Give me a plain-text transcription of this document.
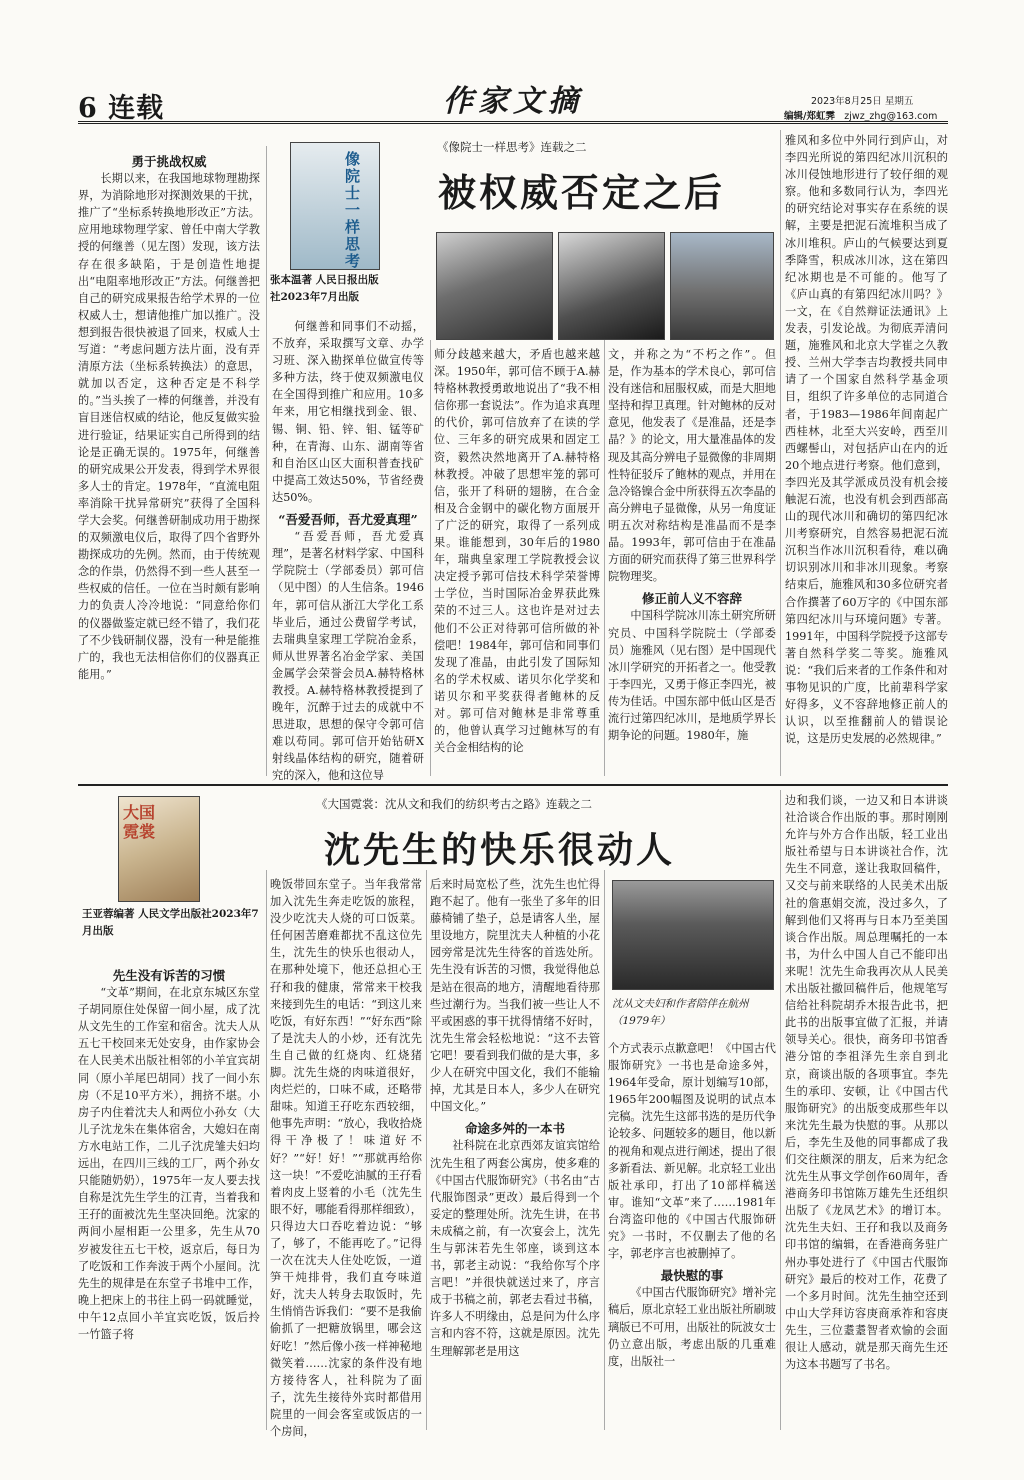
6 连载	作家文摘	2023年8月25日 星期五
编辑/郑虹霁 zjwz_zhg@163.com
像院士一样思考
张本温著 人民日报出版社2023年7月出版
《像院士一样思考》连载之二
被权威否定之后

勇于挑战权威

长期以来，在我国地球物理勘探界，为消除地形对探测效果的干扰，推广了“坐标系转换地形改正”方法。应用地球物理学家、曾任中南大学教授的何继善（见左图）发现，该方法存在很多缺陷，于是创造性地提出“电阻率地形改正”方法。何继善把自己的研究成果报告给学术界的一位权威人士，想请他推广加以推广。没想到报告很快被退了回来，权威人士写道：“考虑问题方法片面，没有弄清原方法（坐标系转换法）的意思，就加以否定，这种否定是不科学的。”当头挨了一棒的何继善，并没有盲目迷信权威的结论，他反复做实验进行验证，结果证实自己所得到的结论是正确无误的。1975年，何继善的研究成果公开发表，得到学术界很多人士的肯定。1978年，“直流电阻率消除干扰异常研究”获得了全国科学大会奖。何继善研制成功用于勘探的双频激电仪后，取得了四个省野外勘探成功的先例。然而，由于传统观念的作祟，仍然得不到一些人甚至一些权威的信任。一位在当时颇有影响力的负责人冷冷地说：“同意给你们的仪器做鉴定就已经不错了，我们花了不少钱研制仪器，没有一种是能推广的，我也无法相信你们的仪器真正能用。”

何继善和同事们不动摇，不放弃，采取撰写文章、办学习班、深入勘探单位做宣传等多种方法，终于使双频激电仪在全国得到推广和应用。10多年来，用它相继找到金、银、锡、铜、铅、锌、钼、锰等矿种，在青海、山东、湖南等省和自治区山区大面积普查找矿中提高工效达50%，节省经费达50%。

“吾爱吾师，吾尤爱真理”

“吾爱吾师，吾尤爱真理”，是著名材料学家、中国科学院院士（学部委员）郭可信（见中图）的人生信条。1946年，郭可信从浙江大学化工系毕业后，通过公费留学考试，去瑞典皇家理工学院冶金系，师从世界著名冶金学家、美国金属学会荣誉会员A.赫特格林教授。A.赫特格林教授提到了晚年，沉醉于过去的成就中不思进取，思想的保守令郭可信难以苟同。郭可信开始钻研X射线晶体结构的研究，随着研究的深入，他和这位导

师分歧越来越大，矛盾也越来越深。1950年，郭可信不顾于A.赫特格林教授勇敢地说出了“我不相信你那一套说法”。作为追求真理的代价，郭可信放弃了在读的学位、三年多的研究成果和固定工资，毅然决然地离开了A.赫特格林教授。冲破了思想牢笼的郭可信，张开了科研的翅膀，在合金相及合金钢中的碳化物方面展开了广泛的研究，取得了一系列成果。谁能想到，30年后的1980年，瑞典皇家理工学院教授会议决定授予郭可信技术科学荣誉博士学位，当时国际冶金界获此殊荣的不过三人。这也许是对过去他们不公正对待郭可信所做的补偿吧！1984年，郭可信和同事们发现了准晶，由此引发了国际知名的学术权威、诺贝尔化学奖和诺贝尔和平奖获得者鲍林的反对。郭可信对鲍林是非常尊重的，他曾认真学习过鲍林写的有关合金相结构的论

文，并称之为“不朽之作”。但是，作为基本的学术良心，郭可信没有迷信和屈服权威，而是大胆地坚持和捍卫真理。针对鲍林的反对意见，他发表了《是准晶，还是李晶？》的论文，用大量准晶体的发现及其高分辨电子显微像的非周期性特征驳斥了鲍林的观点，并用在急冷铬镍合金中所获得五次李晶的高分辨电子显微像，从另一角度证明五次对称结构是准晶而不是李晶。1993年，郭可信由于在准晶方面的研究而获得了第三世界科学院物理奖。

修正前人义不容辞

中国科学院冰川冻土研究所研究员、中国科学院院士（学部委员）施雅风（见右图）是中国现代冰川学研究的开拓者之一。他受教于李四光，又勇于修正李四光，被传为佳话。中国东部中低山区是否流行过第四纪冰川，是地质学界长期争论的问题。1980年，施

雅风和多位中外同行到庐山，对李四光所说的第四纪冰川沉积的冰川侵蚀地形进行了较仔细的观察。他和多数同行认为，李四光的研究结论对事实存在系统的误解，主要是把泥石流堆积当成了冰川堆积。庐山的气候要达到夏季降雪，积成冰川冰，这在第四纪冰期也是不可能的。他写了《庐山真的有第四纪冰川吗？》一文，在《自然辩证法通讯》上发表，引发论战。为彻底弄清问题，施雅风和北京大学崔之久教授、兰州大学李吉均教授共同申请了一个国家自然科学基金项目，组织了许多单位的志同道合者，于1983—1986年间南起广西桂林，北至大兴安岭，西至川西螺髻山，对包括庐山在内的近20个地点进行考察。他们意到，李四光及其学派成员没有机会接触泥石流，也没有机会到西部高山的现代冰川和确切的第四纪冰川考察研究，自然容易把泥石流沉积当作冰川沉积看待，难以确切识别冰川和非冰川现象。考察结束后，施雅风和30多位研究者合作撰著了60万字的《中国东部第四纪冰川与环境问题》专著。1991年，中国科学院授予这部专著自然科学奖二等奖。施雅风说：“我们后来者的工作条件和对事物见识的广度，比前辈科学家好得多，义不容辞地修正前人的认识，以至推翻前人的错误论说，这是历史发展的必然规律。”

大国霓裳
王亚蓉编著 人民文学出版社2023年7月出版
《大国霓裳：沈从文和我们的纺织考古之路》连载之二
沈先生的快乐很动人
沈从文夫妇和作者陪伴在航州（1979年）

先生没有诉苦的习惯

“文革”期间，在北京东城区东堂子胡同原住处保留一间小屋，成了沈从文先生的工作室和宿舍。沈夫人从五七干校回来无处安身，由作家协会在人民美术出版社相邻的小羊宜宾胡同（原小羊尾巴胡同）找了一间小东房（不足10平方米），拥挤不堪。小房子内住着沈夫人和两位小孙女（大儿子沈龙朱在集体宿舍，大媳妇在南方水电站工作，二儿子沈虎雏夫妇均远出，在四川三线的工厂，两个孙女只能随奶奶），1975年一友人要去找自称是沈先生学生的江青，当着我和王孖的面被沈先生坚决回绝。沈家的两间小屋相距一公里多，先生从70岁被发往五七干校，返京后，每日为了吃饭和工作奔波于两个小屋间。沈先生的规律是在东堂子书堆中工作，晚上把床上的书往上码一码就睡觉，中午12点回小羊宜宾吃饭，饭后拎一竹篮子将

晚饭带回东堂子。当年我常常加入沈先生奔走吃饭的旅程，没少吃沈夫人烧的可口饭菜。任何困苦磨难都扰不乱这位先生，沈先生的快乐也很动人，在那种处境下，他还总担心王孖和我的健康，常常来干校我来接到先生的电话：“到这儿来吃饭，有好东西！”“好东西”除了是沈夫人的小炒，还有沈先生自己做的红烧肉、红烧猪脚。沈先生烧的肉味道很好，肉烂烂的，口味不咸，还略带甜味。知道王孖吃东西较细，他事先声明：“放心，我收拾烧得干净极了！味道好不好？”“好！好！”“那就再给你这一块！”不爱吃油腻的王孖看着肉皮上竖着的小毛（沈先生眼不好，哪能看得那样细致），只得边大口吞吃着边说：“够了，够了，不能再吃了。”记得一次在沈夫人住处吃饭，一道笋干炖排骨，我们直夸味道好，沈夫人转身去取饭时，先生悄悄告诉我们：“要不是我偷偷抓了一把糖放锅里，哪会这好吃！”然后像小孩一样神秘地微笑着……沈家的条件没有地方接待客人，社科院为了面子，沈先生接待外宾时都借用院里的一间会客室或饭店的一个房间，

后来时局宽松了些，沈先生也忙得跑不起了。他有一张坐了多年的旧藤椅铺了垫子，总是请客人坐，屋里设地方，院里沈夫人种植的小花园旁常是沈先生待客的首选处所。先生没有诉苦的习惯，我觉得他总是站在很高的地方，清醒地看待那些过潮行为。当我们被一些让人不平或困惑的事干扰得情绪不好时，沈先生常会轻松地说：“这不去管它吧！要看到我们做的是大事，多少人在研究中国文化，我们不能输掉，尤其是日本人，多少人在研究中国文化。”

命途多舛的一本书

社科院在北京西郊友谊宾馆给沈先生租了两套公寓房，使多难的《中国古代服饰研究》（书名由“古代服饰图录”更改）最后得到一个妥定的整理处所。沈先生讲，在书未成稿之前，有一次宴会上，沈先生与郭沫若先生邻座，谈到这本书，郭老主动说：“我给你写个序言吧！”并很快就送过来了，序言成于书稿之前，郭老去看过书稿，许多人不明缘由，总是问为什么序言和内容不符，这就是原因。沈先生理解郭老是用这

个方式表示点歉意吧！《中国古代服饰研究》一书也是命途多舛，1964年受命，原计划编写10部，1965年200幅图及说明的试点本完稿。沈先生这部书选的是历代争论较多、问题较多的题目，他以新的视角和观点进行阐述，提出了很多新看法、新见解。北京轻工业出版社承印，打出了10部样稿送审。谁知“文革”来了……1981年台湾盗印他的《中国古代服饰研究》一书时，不仅删去了他的名字，郭老序言也被删掉了。

最快慰的事

《中国古代服饰研究》增补完稿后，原北京轻工业出版社所刷玻璃版已不可用，出版社的阮波女士仍立意出版，考虑出版的几重难度，出版社一

边和我们谈，一边又和日本讲谈社洽谈合作出版的事。那时刚刚允许与外方合作出版，轻工业出版社希望与日本讲谈社合作，沈先生不同意，遂让我取回稿件，又交与前来联络的人民美术出版社的詹惠娟交流，没过多久，了解到他们又将再与日本乃至美国谈合作出版。周总理嘱托的一本书，为什么中国人自己不能印出来呢！沈先生命我再次从人民美术出版社撤回稿件后，他规笔写信给社科院胡乔木报告此书，把此书的出版事宜做了汇报，并请领导关心。很快，商务印书馆香港分馆的李祖泽先生亲自到北京，商谈出版的各项事宜。李先生的承印、安顿，让《中国古代服饰研究》的出版变成那些年以来沈先生最为快慰的事。从那以后，李先生及他的同事都成了我们交往颇深的朋友，后来为纪念沈先生从事文学创作60周年，香港商务印书馆陈万雄先生还组织出版了《龙凤艺术》的增订本。沈先生夫妇、王孖和我以及商务印书馆的编辑，在香港商务驻广州办事处进行了《中国古代服饰研究》最后的校对工作，花费了一个多月时间。沈先生抽空还到中山大学拜访容庚商承祚和容庚先生，三位耋耋智者欢愉的会面很让人感动，就是那天商先生还为这本书题写了书名。
